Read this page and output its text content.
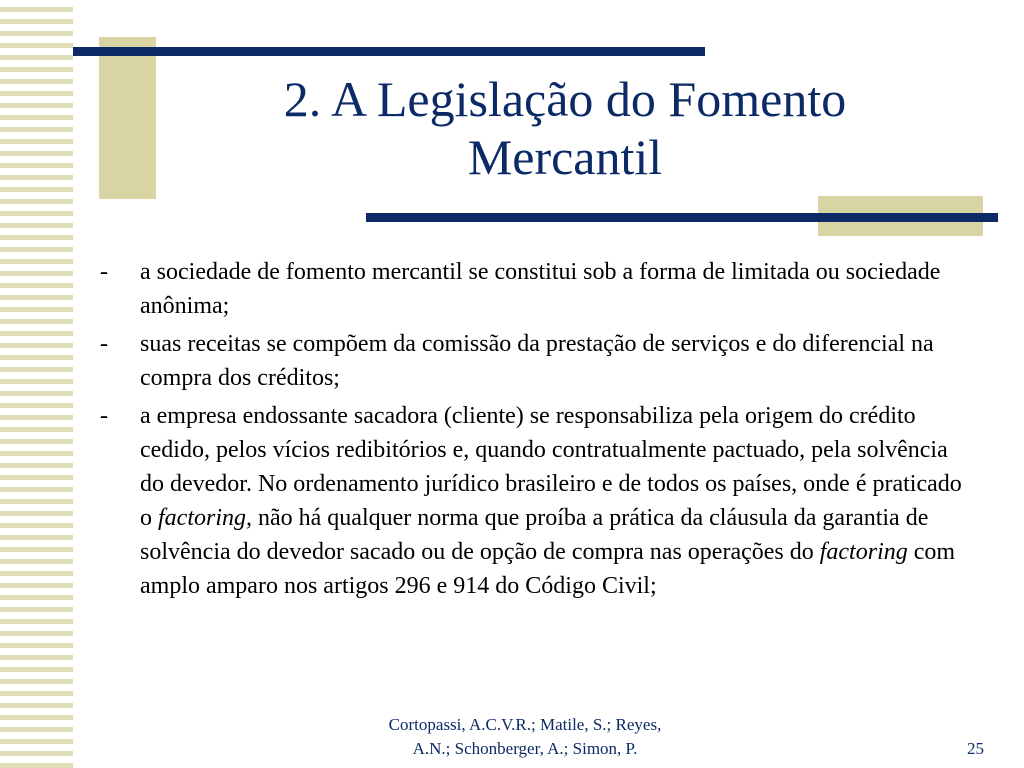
2. A Legislação do Fomento
Mercantil
- a sociedade de fomento mercantil se constitui sob a forma de limitada ou sociedade anônima;
- suas receitas se compõem da comissão da prestação de serviços e do diferencial na compra dos créditos;
- a empresa endossante sacadora (cliente) se responsabiliza pela origem do crédito cedido, pelos vícios redibitórios e, quando contratualmente pactuado, pela solvência do devedor. No ordenamento jurídico brasileiro e de todos os países, onde é praticado o factoring, não há qualquer norma que proíba a prática da cláusula da garantia de solvência do devedor sacado ou de opção de compra nas operações do factoring com amplo amparo nos artigos 296 e 914 do Código Civil;
Cortopassi, A.C.V.R.; Matile, S.; Reyes,
A.N.; Schonberger, A.; Simon, P.	25
